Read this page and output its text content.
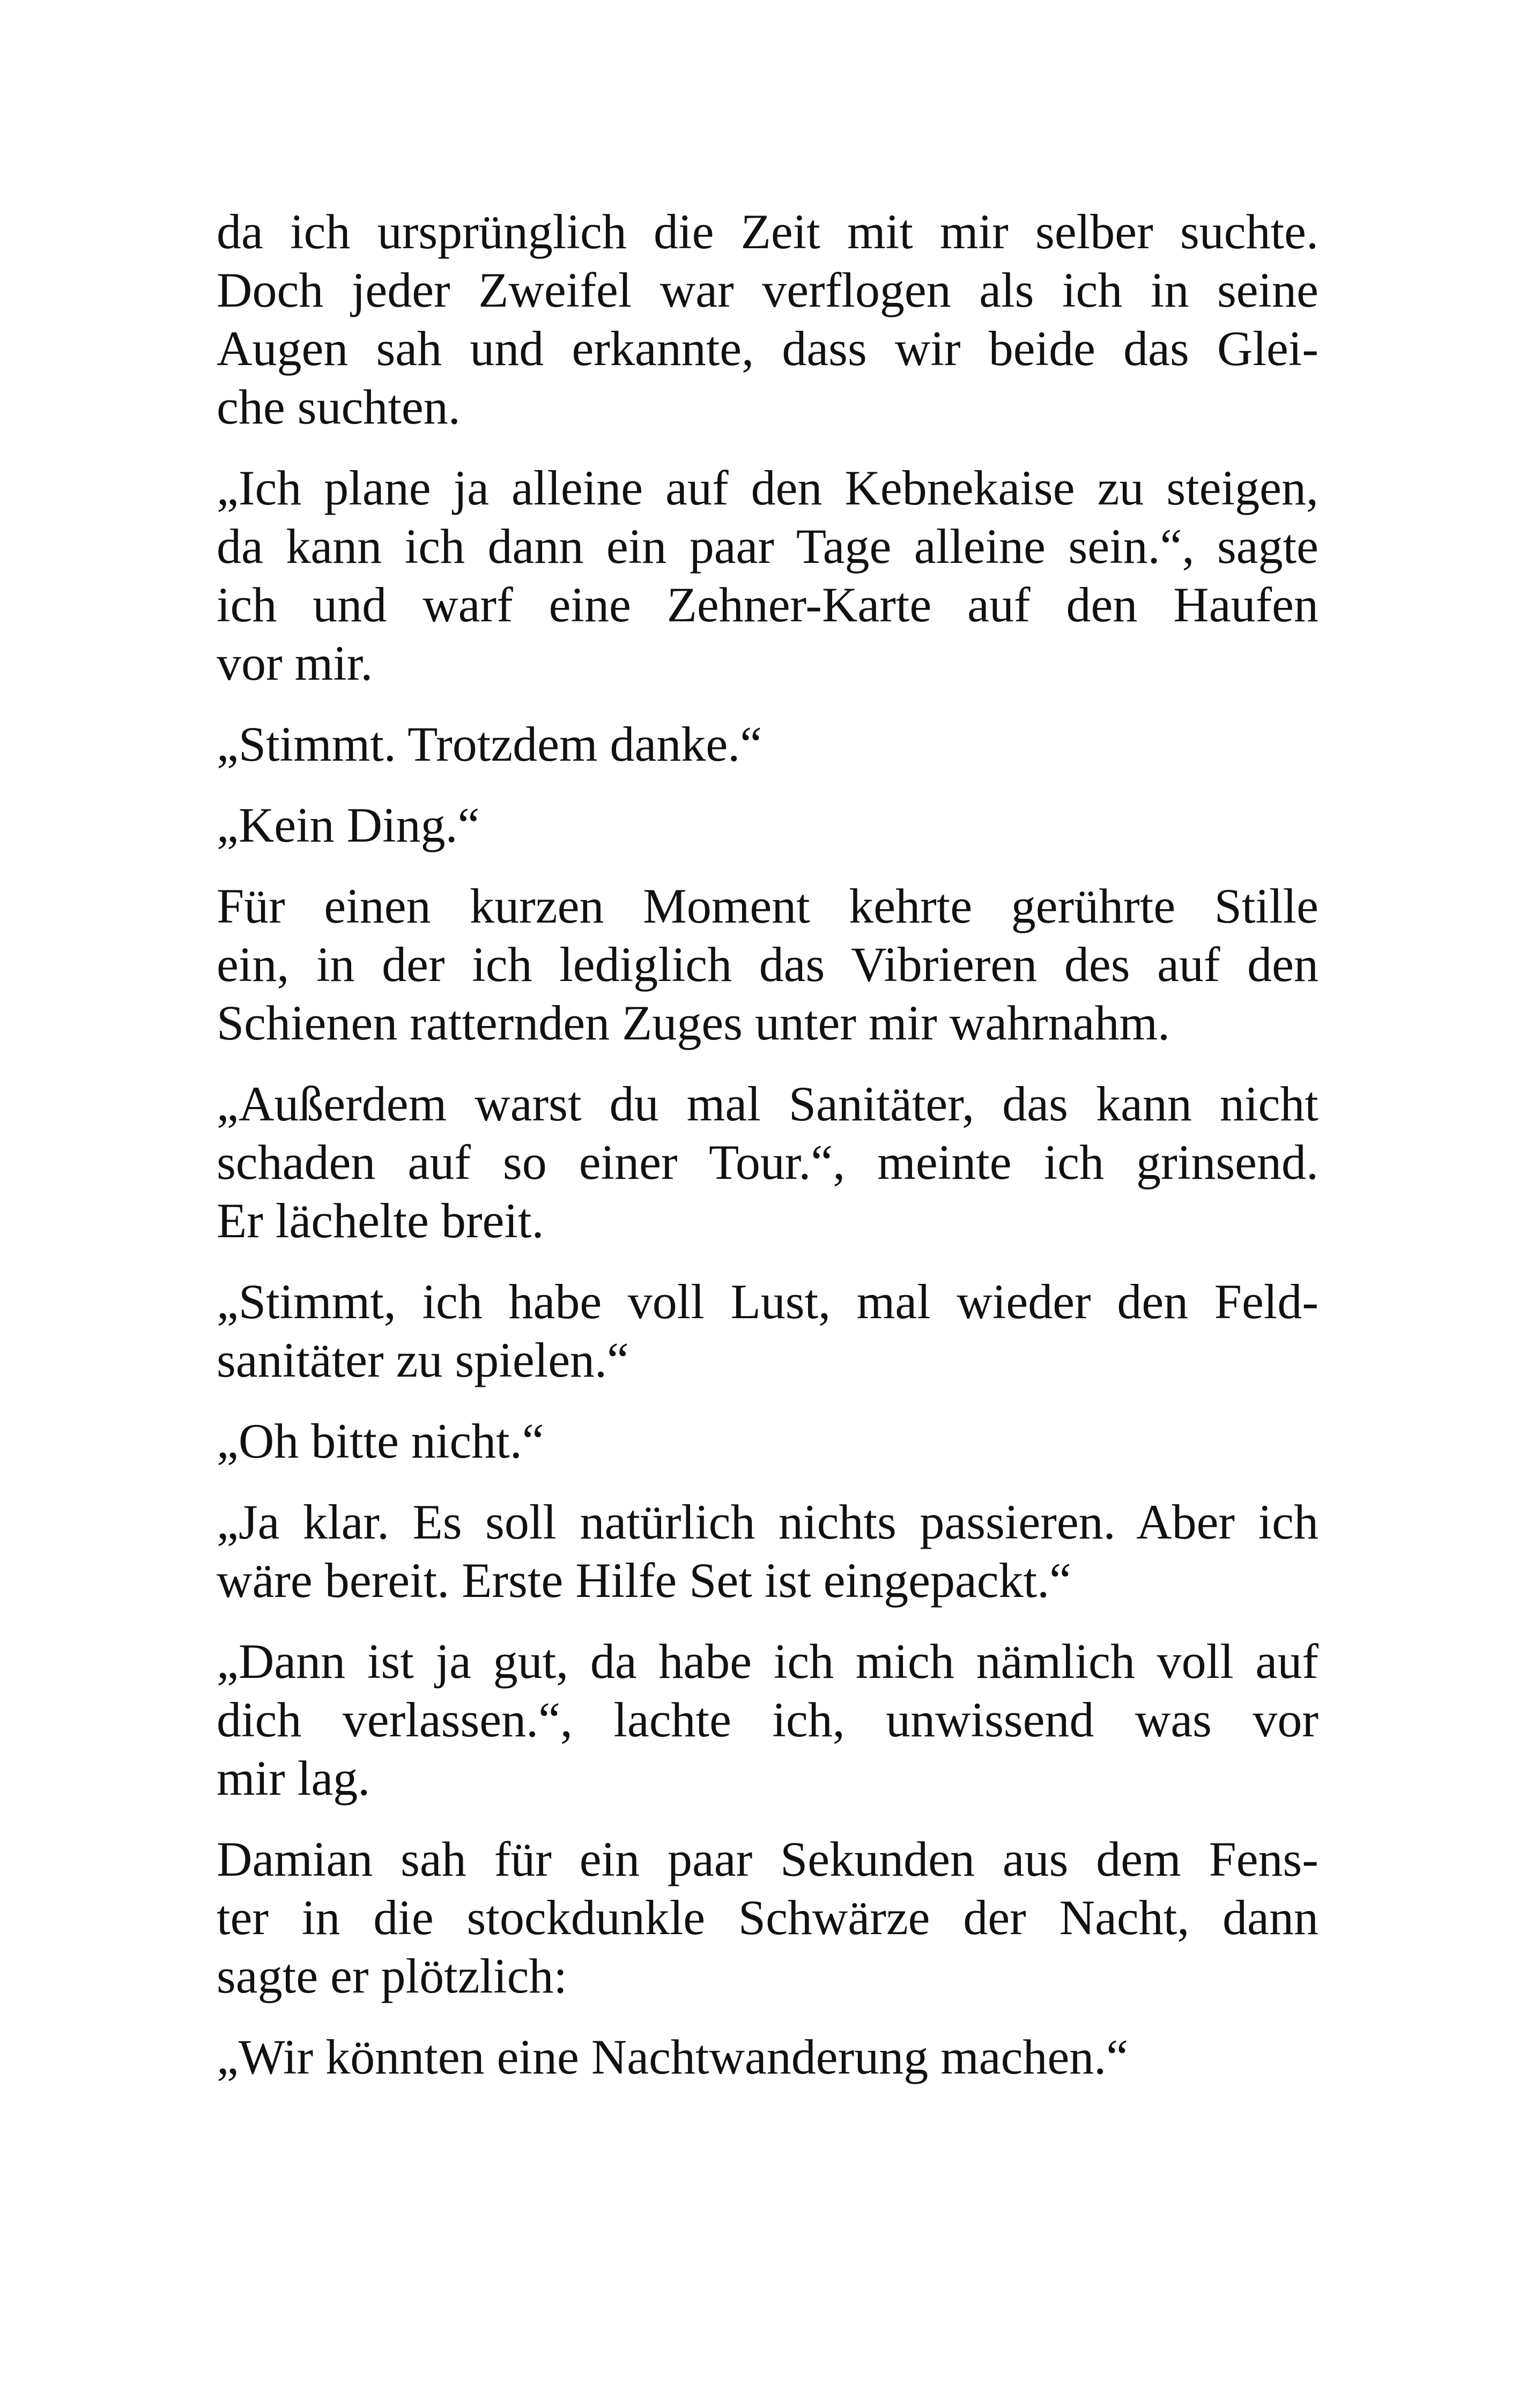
da ich ursprünglich die Zeit mit mir selber suchte.
Doch jeder Zweifel war verflogen als ich in seine
Augen sah und erkannte, dass wir beide das Glei-
che suchten.
„Ich plane ja alleine auf den Kebnekaise zu steigen,
da kann ich dann ein paar Tage alleine sein.“, sagte
ich und warf eine Zehner-Karte auf den Haufen
vor mir.
„Stimmt. Trotzdem danke.“
„Kein Ding.“
Für einen kurzen Moment kehrte gerührte Stille
ein, in der ich lediglich das Vibrieren des auf den
Schienen ratternden Zuges unter mir wahrnahm.
„Außerdem warst du mal Sanitäter, das kann nicht
schaden auf so einer Tour.“, meinte ich grinsend.
Er lächelte breit.
„Stimmt, ich habe voll Lust, mal wieder den Feld-
sanitäter zu spielen.“
„Oh bitte nicht.“
„Ja klar. Es soll natürlich nichts passieren. Aber ich
wäre bereit. Erste Hilfe Set ist eingepackt.“
„Dann ist ja gut, da habe ich mich nämlich voll auf
dich verlassen.“, lachte ich, unwissend was vor
mir lag.
Damian sah für ein paar Sekunden aus dem Fens-
ter in die stockdunkle Schwärze der Nacht, dann
sagte er plötzlich:
„Wir könnten eine Nachtwanderung machen.“
